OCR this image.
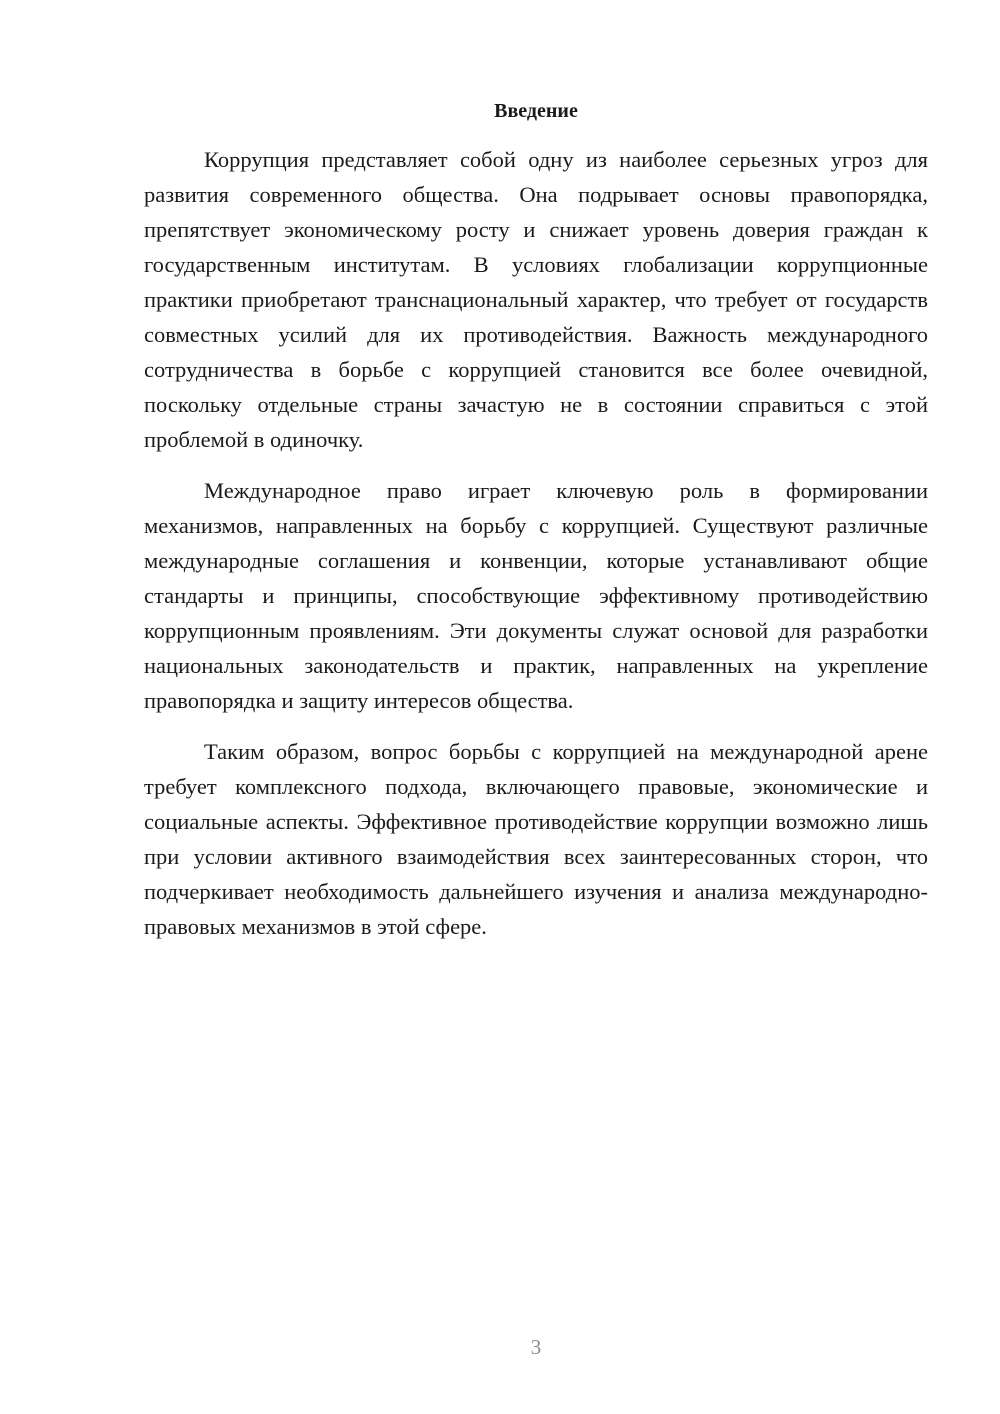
Введение

Коррупция представляет собой одну из наиболее серьезных угроз для развития современного общества. Она подрывает основы правопорядка, препятствует экономическому росту и снижает уровень доверия граждан к государственным институтам. В условиях глобализации коррупционные практики приобретают транснациональный характер, что требует от государств совместных усилий для их противодействия. Важность международного сотрудничества в борьбе с коррупцией становится все более очевидной, поскольку отдельные страны зачастую не в состоянии справиться с этой проблемой в одиночку.

Международное право играет ключевую роль в формировании механизмов, направленных на борьбу с коррупцией. Существуют различные международные соглашения и конвенции, которые устанавливают общие стандарты и принципы, способствующие эффективному противодействию коррупционным проявлениям. Эти документы служат основой для разработки национальных законодательств и практик, направленных на укрепление правопорядка и защиту интересов общества.

Таким образом, вопрос борьбы с коррупцией на международной арене требует комплексного подхода, включающего правовые, экономические и социальные аспекты. Эффективное противодействие коррупции возможно лишь при условии активного взаимодействия всех заинтересованных сторон, что подчеркивает необходимость дальнейшего изучения и анализа международно-правовых механизмов в этой сфере.

3
